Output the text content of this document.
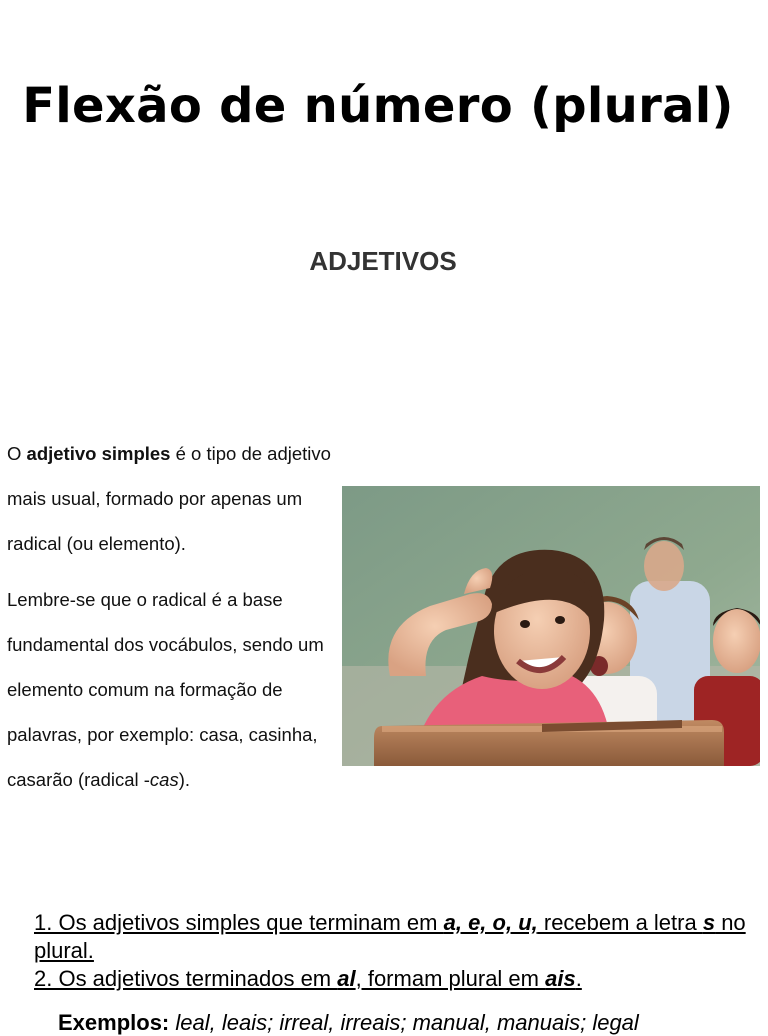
Flexão de número (plural)
ADJETIVOS

O adjetivo simples é o tipo de adjetivo mais usual, formado por apenas um radical (ou elemento).

Lembre-se que o radical é a base fundamental dos vocábulos, sendo um elemento comum na formação de palavras, por exemplo: casa, casinha, casarão (radical -cas).

1. Os adjetivos simples que terminam em a, e, o, u, recebem a letra s no plural.

2. Os adjetivos terminados em al, formam plural em ais.

Exemplos: leal, leais; irreal, irreais; manual, manuais; legal
